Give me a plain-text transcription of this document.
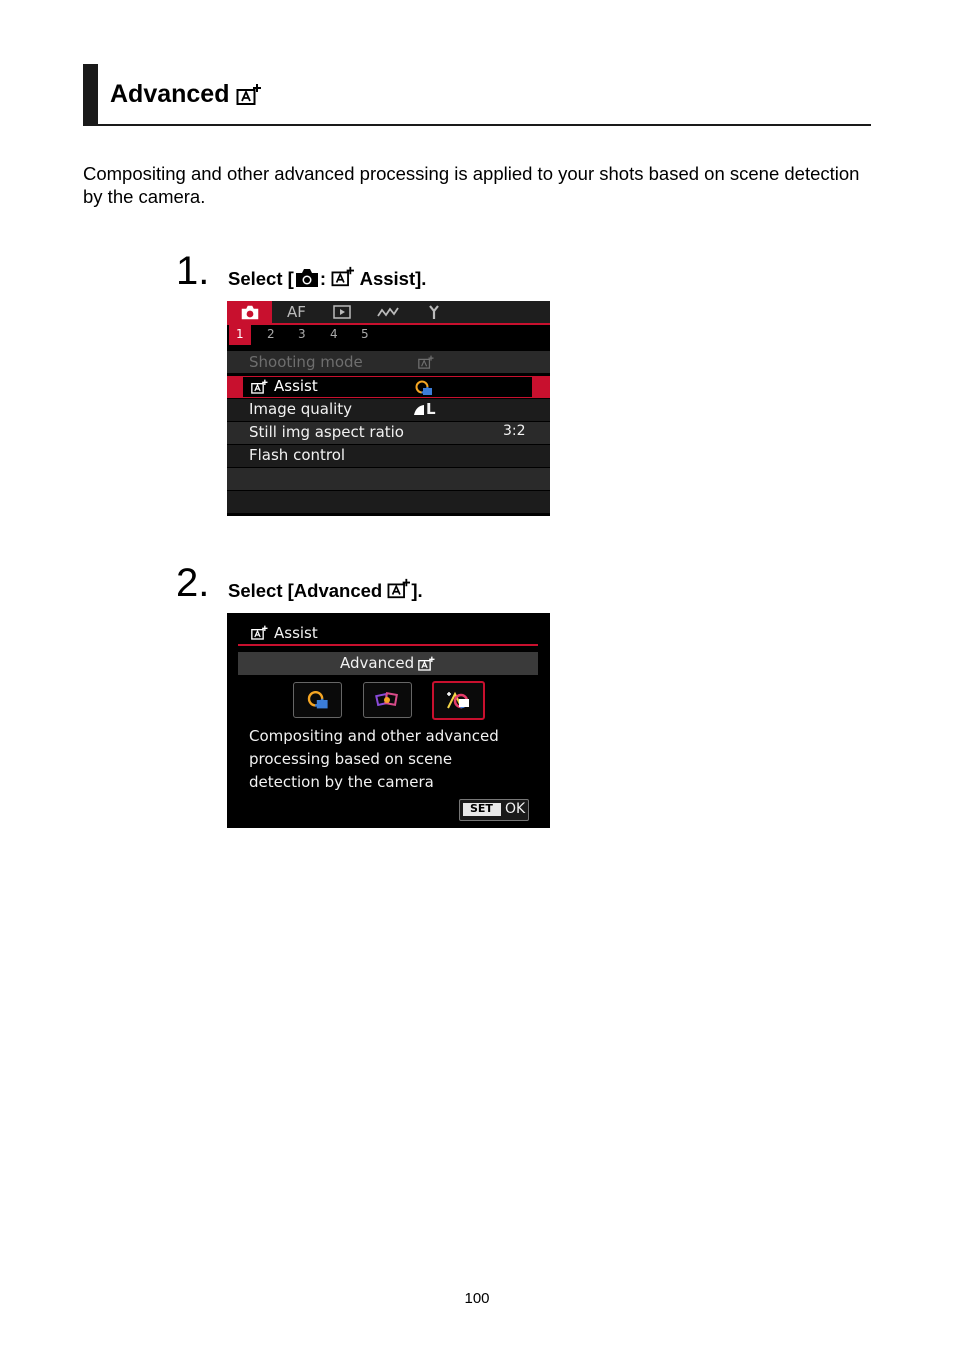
Advanced
Compositing and other advanced processing is applied to your shots based on scene detection by the camera.
1. Select [ : Assist].
AF
1 2 3 4 5
Shooting mode
Assist
Image quality	L
Still img aspect ratio	3:2
Flash control
2. Select [Advanced ].
Assist
Advanced
Compositing and other advanced
processing based on scene
detection by the camera
SET OK
100
